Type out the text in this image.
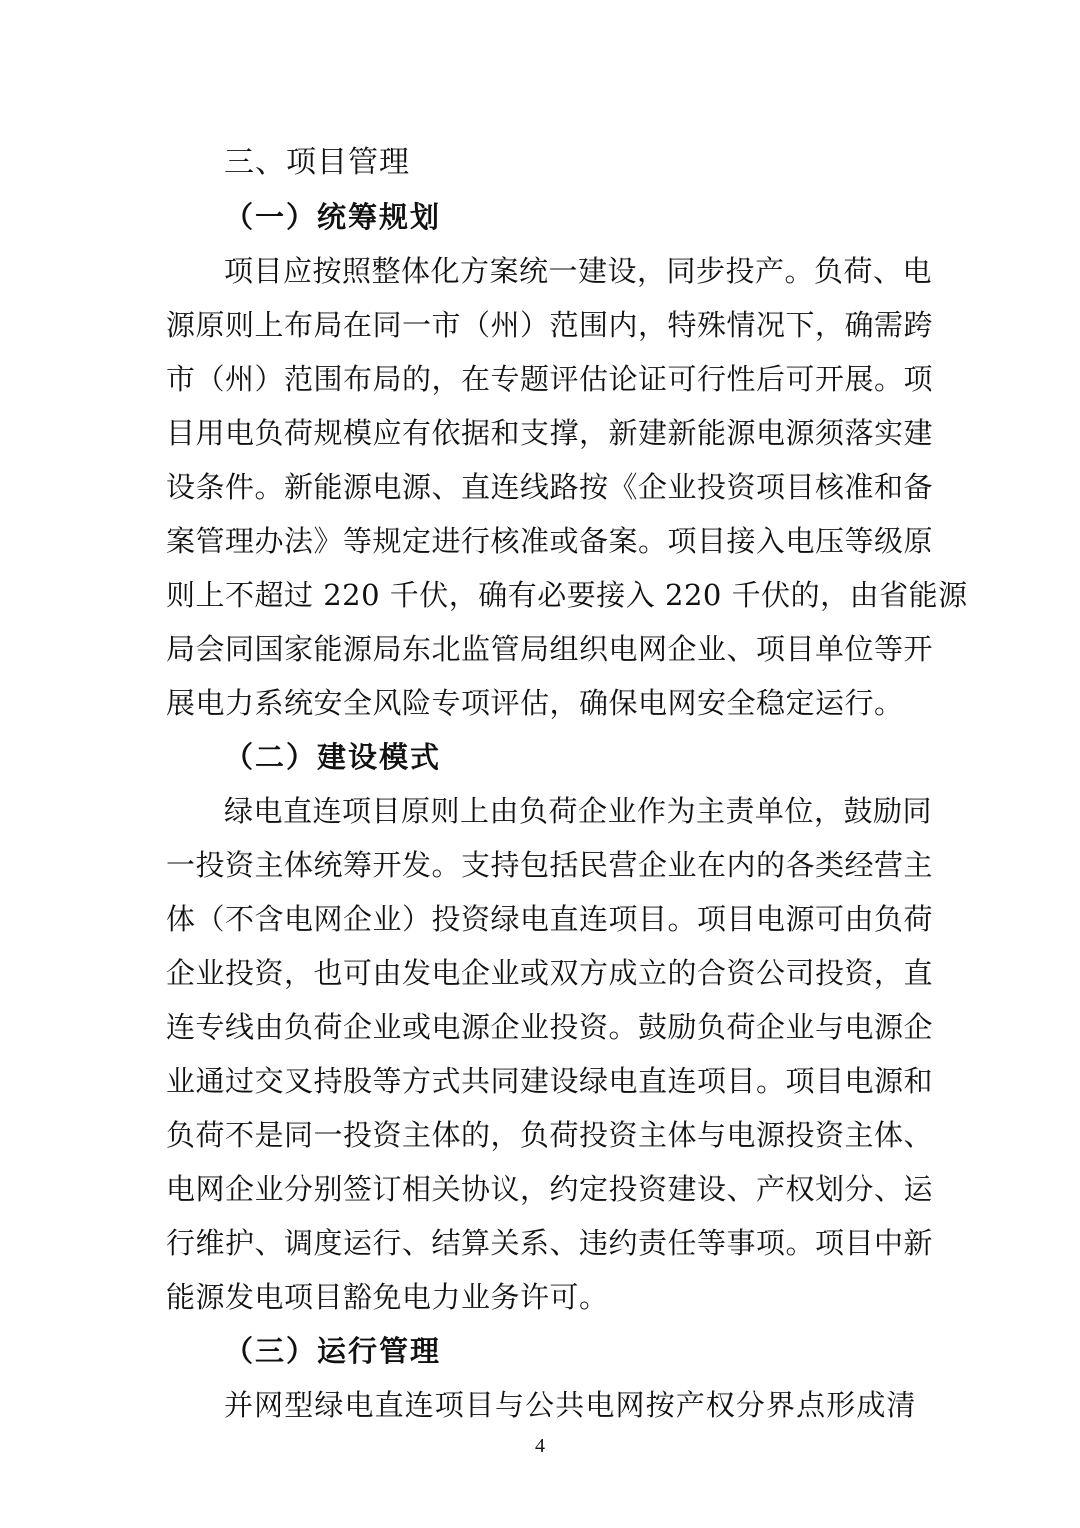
三、项目管理
（一）统筹规划
项目应按照整体化方案统一建设，同步投产。负荷、电
源原则上布局在同一市（州）范围内，特殊情况下，确需跨
市（州）范围布局的，在专题评估论证可行性后可开展。项
目用电负荷规模应有依据和支撑，新建新能源电源须落实建
设条件。新能源电源、直连线路按《企业投资项目核准和备
案管理办法》等规定进行核准或备案。项目接入电压等级原
则上不超过 220 千伏，确有必要接入 220 千伏的，由省能源
局会同国家能源局东北监管局组织电网企业、项目单位等开
展电力系统安全风险专项评估，确保电网安全稳定运行。
（二）建设模式
绿电直连项目原则上由负荷企业作为主责单位，鼓励同
一投资主体统筹开发。支持包括民营企业在内的各类经营主
体（不含电网企业）投资绿电直连项目。项目电源可由负荷
企业投资，也可由发电企业或双方成立的合资公司投资，直
连专线由负荷企业或电源企业投资。鼓励负荷企业与电源企
业通过交叉持股等方式共同建设绿电直连项目。项目电源和
负荷不是同一投资主体的，负荷投资主体与电源投资主体、
电网企业分别签订相关协议，约定投资建设、产权划分、运
行维护、调度运行、结算关系、违约责任等事项。项目中新
能源发电项目豁免电力业务许可。
（三）运行管理
并网型绿电直连项目与公共电网按产权分界点形成清
4
